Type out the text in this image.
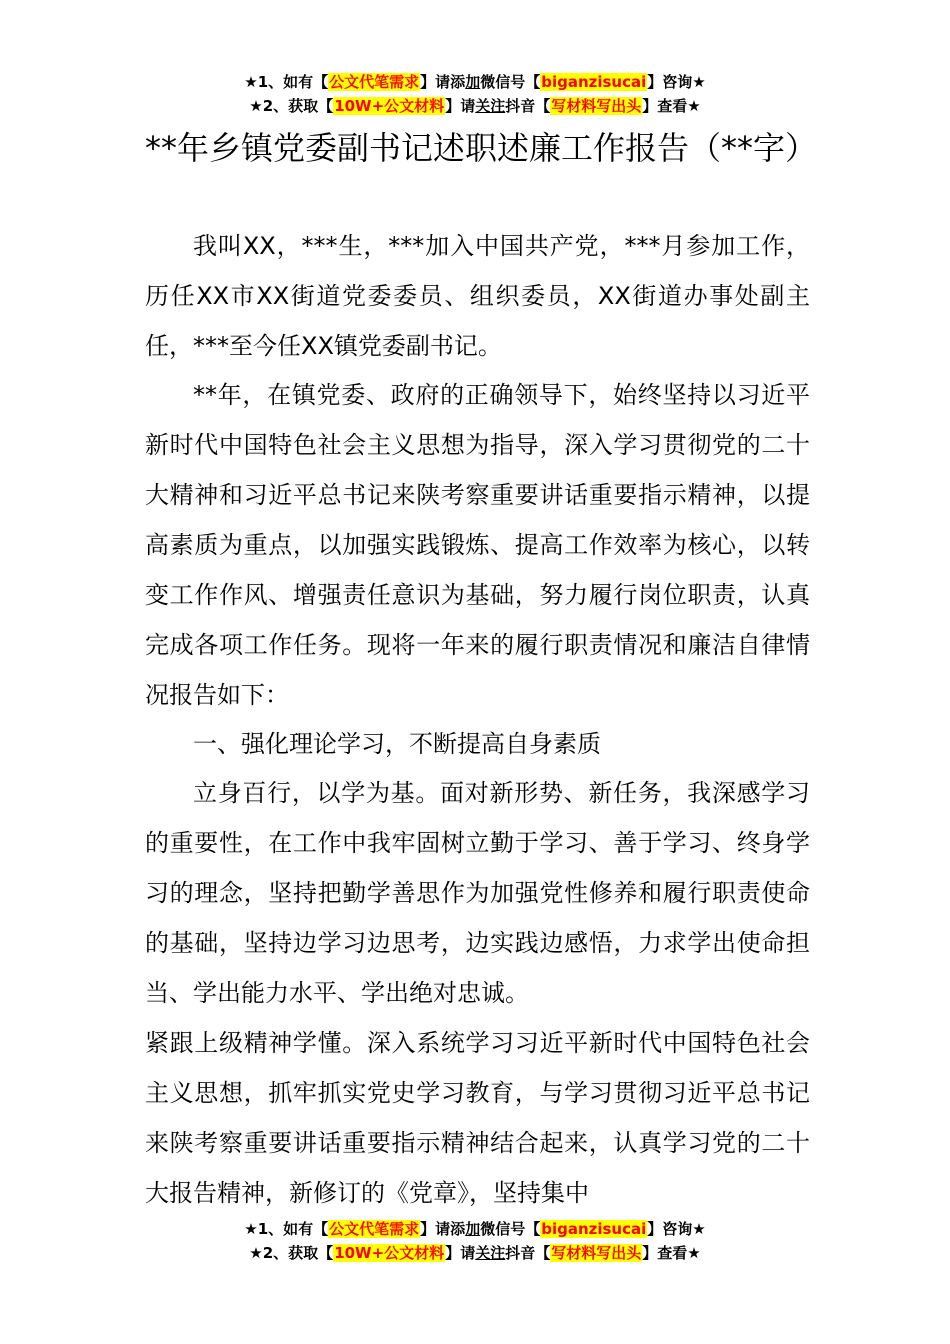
★1、如有【公文代笔需求】请添加微信号【biganzisucai】咨询★
★2、获取【10W+公文材料】请关注抖音【写材料写出头】查看★
**年乡镇党委副书记述职述廉工作报告（**字）
我叫XX，***生，***加入中国共产党，***月参加工作，历任XX市XX街道党委委员、组织委员，XX街道办事处副主任，***至今任XX镇党委副书记。
**年，在镇党委、政府的正确领导下，始终坚持以习近平新时代中国特色社会主义思想为指导，深入学习贯彻党的二十大精神和习近平总书记来陕考察重要讲话重要指示精神，以提高素质为重点，以加强实践锻炼、提高工作效率为核心，以转变工作作风、增强责任意识为基础，努力履行岗位职责，认真完成各项工作任务。现将一年来的履行职责情况和廉洁自律情况报告如下：
一、强化理论学习，不断提高自身素质
立身百行，以学为基。面对新形势、新任务，我深感学习的重要性，在工作中我牢固树立勤于学习、善于学习、终身学习的理念，坚持把勤学善思作为加强党性修养和履行职责使命的基础，坚持边学习边思考，边实践边感悟，力求学出使命担当、学出能力水平、学出绝对忠诚。
紧跟上级精神学懂。深入系统学习习近平新时代中国特色社会主义思想，抓牢抓实党史学习教育，与学习贯彻习近平总书记来陕考察重要讲话重要指示精神结合起来，认真学习党的二十大报告精神，新修订的《党章》，坚持集中
★1、如有【公文代笔需求】请添加微信号【biganzisucai】咨询★
★2、获取【10W+公文材料】请关注抖音【写材料写出头】查看★
